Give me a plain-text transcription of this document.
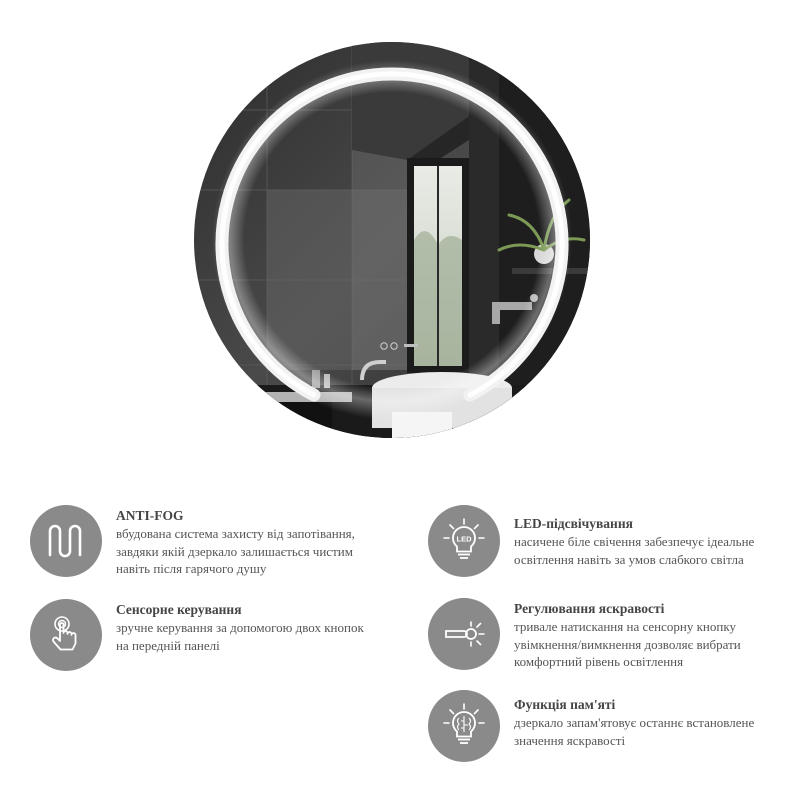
ANTI-FOG
вбудована система захисту від запотівання,
завдяки якій дзеркало залишається чистим
навіть після гарячого душу
Сенсорне керування
зручне керування за допомогою двох кнопок
на передній панелі
LED
LED-підсвічування
насичене біле свічення забезпечує ідеальне
освітлення навіть за умов слабкого світла
Регулювання яскравості
тривале натискання на сенсорну кнопку
увімкнення/вимкнення дозволяє вибрати
комфортний рівень освітлення
Функція пам'яті
дзеркало запам'ятовує останнє встановлене
значення яскравості
